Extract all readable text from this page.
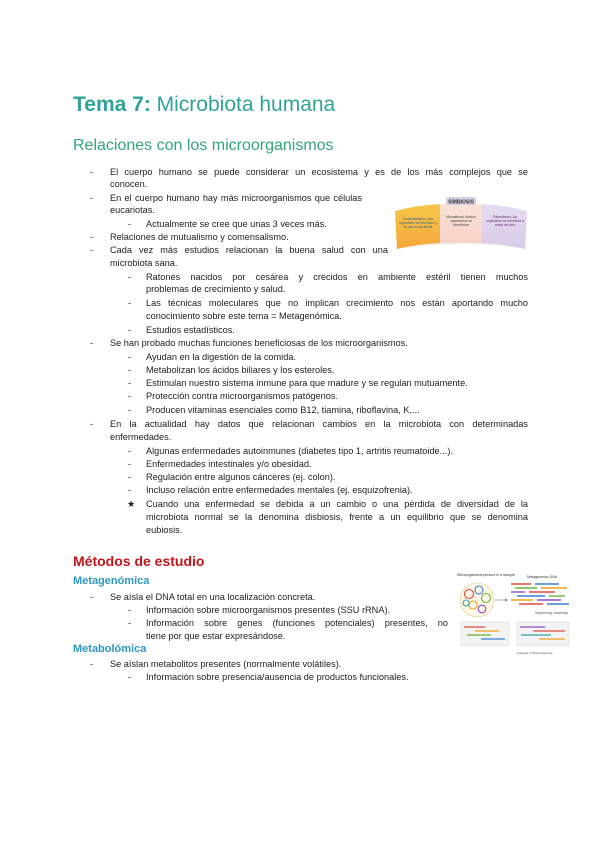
Tema 7: Microbiota humana
Relaciones con los microorganismos
- El cuerpo humano se puede considerar un ecosistema y es de los más complejos que se
conocen.
- En el cuerpo humano hay más microorganismos que células
eucariotas.
- Actualmente se cree que unas 3 veces más.
- Relaciones de mutualismo y comensalismo.
- Cada vez más estudios relacionan la buena salud con una
microbiota sana.
- Ratones nacidos por cesárea y crecidos en ambiente estéril tienen muchos
problemas de crecimiento y salud.
- Las técnicas moleculares que no implican crecimiento nos están aportando mucho
conocimiento sobre este tema = Metagenómica.
- Estudios estadísticos.
- Se han probado muchas funciones beneficiosas de los microorganismos.
- Ayudan en la digestión de la comida.
- Metabolizan los ácidos biliares y los esteroles.
- Estimulan nuestro sistema inmune para que madure y se regulan mutuamente.
- Protección contra microorganismos patógenos.
- Producen vitaminas esenciales como B12, tiamina, riboflavina, K,...
- En la actualidad hay datos que relacionan cambios en la microbiota con determinadas
enfermedades.
- Algunas enfermedades autoinmunes (diabetes tipo 1, artritis reumatoide...).
- Enfermedades intestinales y/o obesidad.
- Regulación entre algunos cánceres (ej. colon).
- Incluso relación entre enfermedades mentales (ej. esquizofrenia).
★ Cuando una enfermedad se debida a un cambio o una pérdida de diversidad de la
microbiota normal se la denomina disbiosis, frente a un equilibrio que se denomina
eubiosis.
SIMBIOSIS
Comensalismo: Uno organismo se beneficia y el otro no se afecta
Mutualismo: Ambos organismos se benefician
Parasitismo: Un organismo se beneficia a costa del otro
Métodos de estudio
Metagenómica
- Se aísla el DNA total en una localización concreta.
- Información sobre microorganismos presentes (SSU rRNA).
- Información sobre genes (funciones potenciales) presentes, no
tiene por que estar expresándose.
Metabolómica
- Se aíslan metabolitos presentes (normalmente volátiles).
- Información sobre presencia/ausencia de productos funcionales.
Microorganisms present in a sample	Metagenomic DNA
Sequencing / assembly
Analysis of DNA fragments
